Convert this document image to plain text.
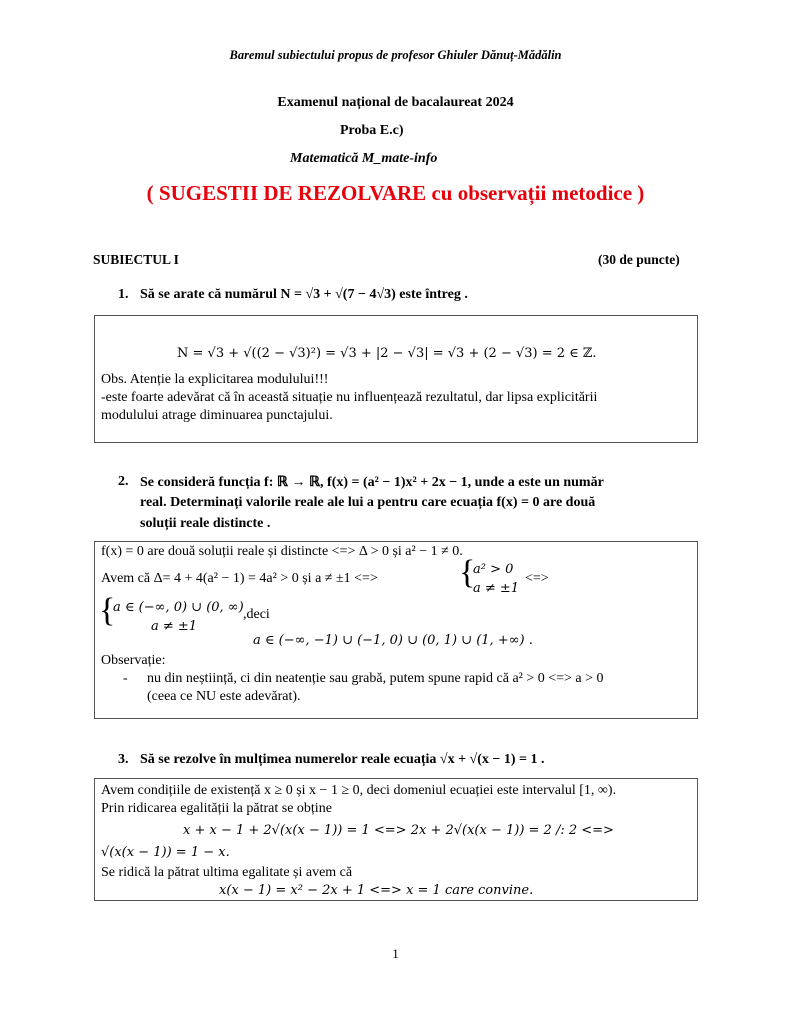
Baremul subiectului propus de profesor Ghiuler Dănuț-Mădălin
Examenul național de bacalaureat 2024
Proba E.c)
Matematică M_mate-info
( SUGESTII DE REZOLVARE cu observații metodice )
SUBIECTUL I	(30 de puncte)
1. Să se arate că numărul N = √3 + √(7 − 4√3) este întreg .
N = √3 + √((2 − √3)²) = √3 + |2 − √3| = √3 + (2 − √3) = 2 ∈ ℤ.
Obs. Atenție la explicitarea modulului!!!
-este foarte adevărat că în această situație nu influențează rezultatul, dar lipsa explicitării
modulului atrage diminuarea punctajului.
2. Se consideră funcția f: ℝ → ℝ, f(x) = (a² − 1)x² + 2x − 1, unde a este un număr
real. Determinați valorile reale ale lui a pentru care ecuația f(x) = 0 are două
soluții reale distincte .
f(x) = 0 are două soluții reale și distincte <=> Δ > 0 și a² − 1 ≠ 0.
Avem că Δ= 4 + 4(a² − 1) = 4a² > 0 și a ≠ ±1 <=> {
a² > 0
a ≠ ±1
<=>
{
a ∈ (−∞, 0) ∪ (0, ∞)
a ≠ ±1
,deci
a ∈ (−∞, −1) ∪ (−1, 0) ∪ (0, 1) ∪ (1, +∞) .
Observație:
- nu din neștiință, ci din neatenție sau grabă, putem spune rapid că a² > 0 <=> a > 0
(ceea ce NU este adevărat).
3. Să se rezolve în mulțimea numerelor reale ecuația √x + √(x − 1) = 1 .
Avem condițiile de existență x ≥ 0 și x − 1 ≥ 0, deci domeniul ecuației este intervalul [1, ∞).
Prin ridicarea egalității la pătrat se obține
x + x − 1 + 2√(x(x − 1)) = 1 <=> 2x + 2√(x(x − 1)) = 2 /: 2 <=>
√(x(x − 1)) = 1 − x.
Se ridică la pătrat ultima egalitate și avem că
x(x − 1) = x² − 2x + 1 <=> x = 1 care convine.
1
